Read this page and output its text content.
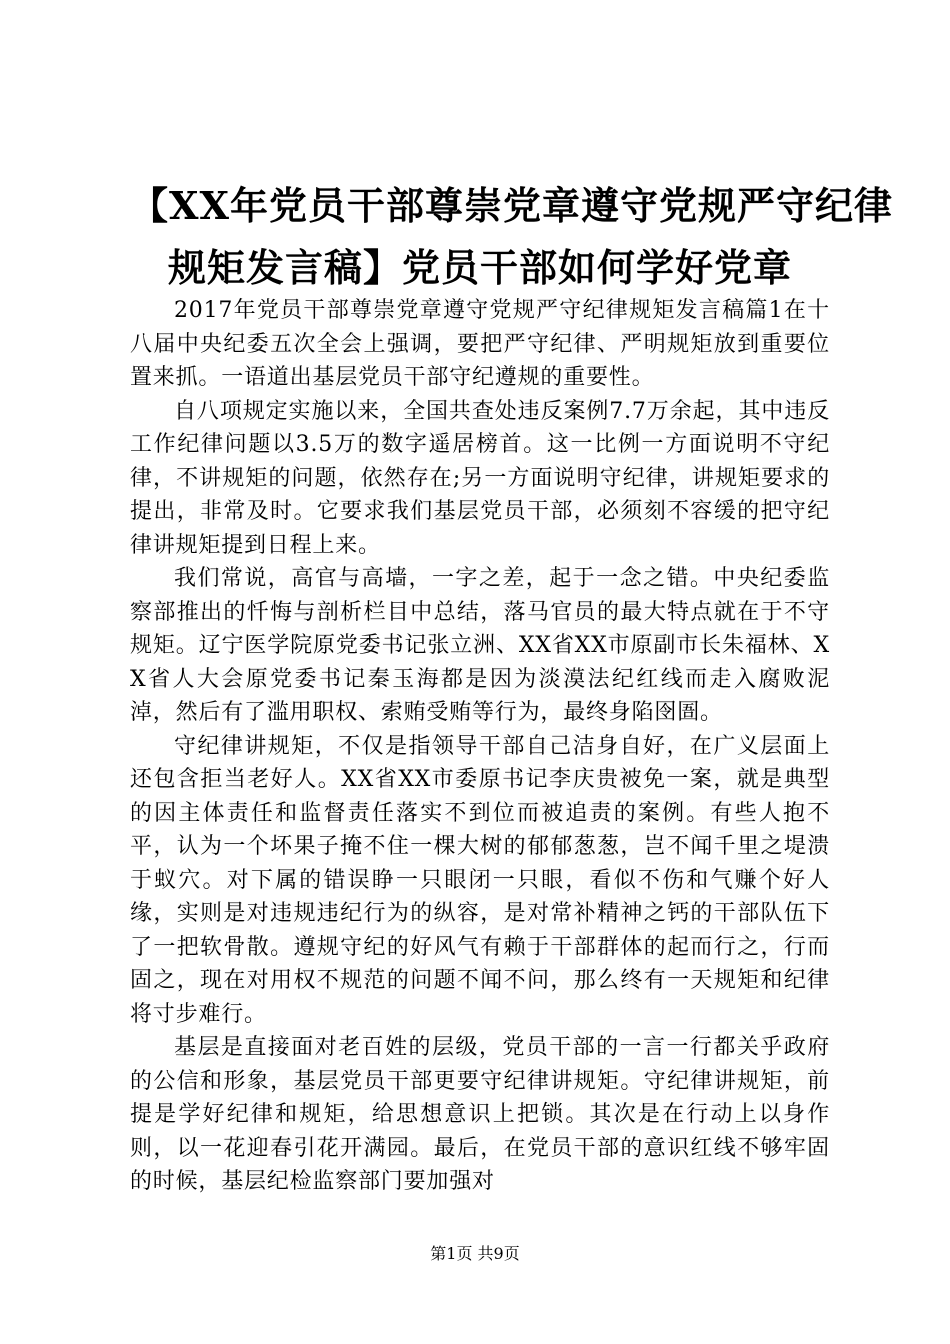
【XX年党员干部尊崇党章遵守党规严守纪律
规矩发言稿】党员干部如何学好党章

2017年党员干部尊崇党章遵守党规严守纪律规矩发言稿篇1在十八届中央纪委五次全会上强调，要把严守纪律、严明规矩放到重要位置来抓。一语道出基层党员干部守纪遵规的重要性。

自八项规定实施以来，全国共查处违反案例7.7万余起，其中违反工作纪律问题以3.5万的数字遥居榜首。这一比例一方面说明不守纪律，不讲规矩的问题，依然存在;另一方面说明守纪律，讲规矩要求的提出，非常及时。它要求我们基层党员干部，必须刻不容缓的把守纪律讲规矩提到日程上来。

我们常说，高官与高墙，一字之差，起于一念之错。中央纪委监察部推出的忏悔与剖析栏目中总结，落马官员的最大特点就在于不守规矩。辽宁医学院原党委书记张立洲、XX省XX市原副市长朱福林、XX省人大会原党委书记秦玉海都是因为淡漠法纪红线而走入腐败泥淖，然后有了滥用职权、索贿受贿等行为，最终身陷囹圄。

守纪律讲规矩，不仅是指领导干部自己洁身自好，在广义层面上还包含拒当老好人。XX省XX市委原书记李庆贵被免一案，就是典型的因主体责任和监督责任落实不到位而被追责的案例。有些人抱不平，认为一个坏果子掩不住一棵大树的郁郁葱葱，岂不闻千里之堤溃于蚁穴。对下属的错误睁一只眼闭一只眼，看似不伤和气赚个好人缘，实则是对违规违纪行为的纵容，是对常补精神之钙的干部队伍下了一把软骨散。遵规守纪的好风气有赖于干部群体的起而行之，行而固之，现在对用权不规范的问题不闻不问，那么终有一天规矩和纪律将寸步难行。

基层是直接面对老百姓的层级，党员干部的一言一行都关乎政府的公信和形象，基层党员干部更要守纪律讲规矩。守纪律讲规矩，前提是学好纪律和规矩，给思想意识上把锁。其次是在行动上以身作则，以一花迎春引花开满园。最后，在党员干部的意识红线不够牢固的时候，基层纪检监察部门要加强对

第1页 共9页
